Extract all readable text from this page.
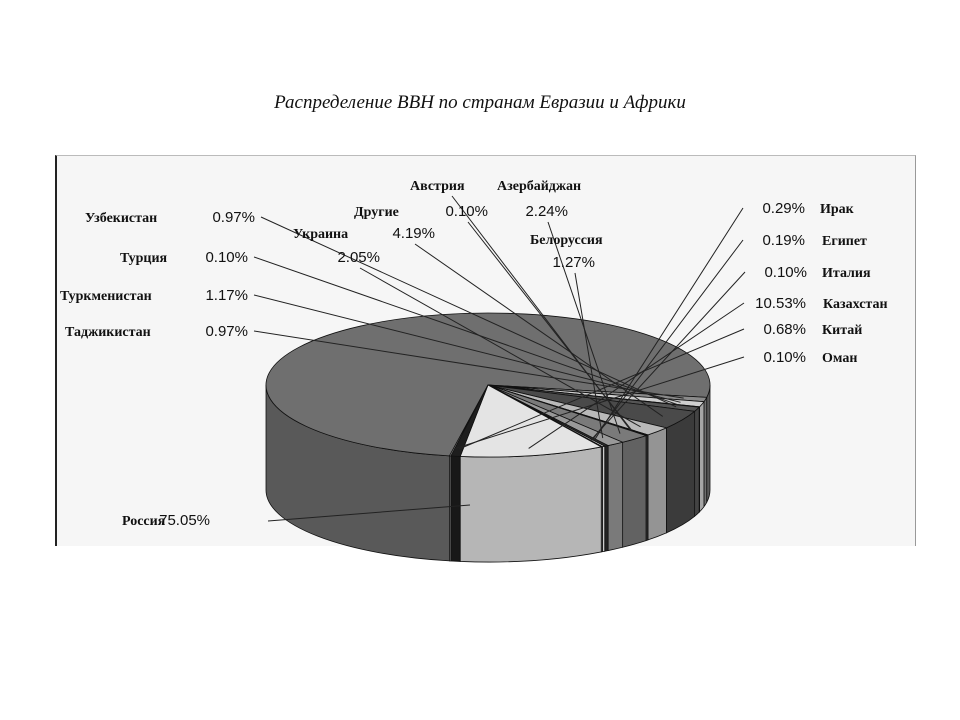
Распределение ВВН по странам Евразии и Африки
75.05%
Россия
0.97%
Таджикистан
1.17%
Туркменистан
0.10%
Турция
0.97%
Узбекистан
4.19%
Украина
2.05%
0.10%
Другие
Австрия
2.24%
Азербайджан
1.27%
Белоруссия
0.29% Ирак
0.19% Египет
0.10% Италия
10.53% Казахстан
0.68% Китай
0.10% Оман
